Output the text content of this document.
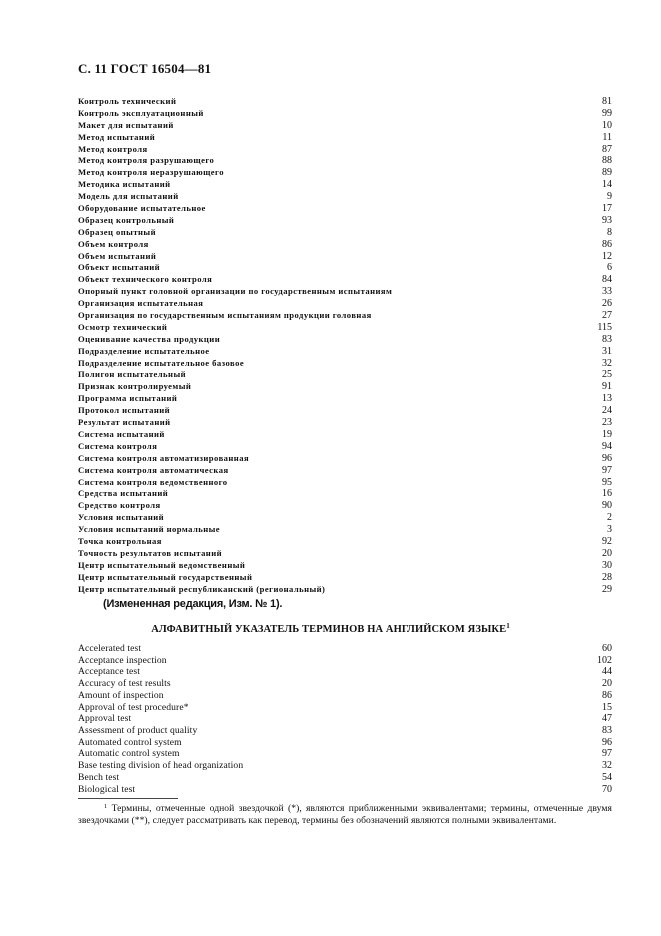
С. 11 ГОСТ 16504—81
Контроль технический	81
Контроль эксплуатационный	99
Макет для испытаний	10
Метод испытаний	11
Метод контроля	87
Метод контроля разрушающего	88
Метод контроля неразрушающего	89
Методика испытаний	14
Модель для испытаний	9
Оборудование испытательное	17
Образец контрольный	93
Образец опытный	8
Объем контроля	86
Объем испытаний	12
Объект испытаний	6
Объект технического контроля	84
Опорный пункт головной организации по государственным испытаниям	33
Организация испытательная	26
Организация по государственным испытаниям продукции головная	27
Осмотр технический	115
Оценивание качества продукции	83
Подразделение испытательное	31
Подразделение испытательное базовое	32
Полигон испытательный	25
Признак контролируемый	91
Программа испытаний	13
Протокол испытаний	24
Результат испытаний	23
Система испытаний	19
Система контроля	94
Система контроля автоматизированная	96
Система контроля автоматическая	97
Система контроля ведомственного	95
Средства испытаний	16
Средство контроля	90
Условия испытаний	2
Условия испытаний нормальные	3
Точка контрольная	92
Точность результатов испытаний	20
Центр испытательный ведомственный	30
Центр испытательный государственный	28
Центр испытательный республиканский (региональный)	29
(Измененная редакция, Изм. № 1).
АЛФАВИТНЫЙ УКАЗАТЕЛЬ ТЕРМИНОВ НА АНГЛИЙСКОМ ЯЗЫКЕ$^1$
Accelerated test	60
Acceptance inspection	102
Acceptance test	44
Accuracy of test results	20
Amount of inspection	86
Approval of test procedure*	15
Approval test	47
Assessment of product quality	83
Automated control system	96
Automatic control system	97
Base testing division of head organization	32
Bench test	54
Biological test	70
$^1$ Термины, отмеченные одной звездочкой (*), являются приближенными эквивалентами; термины, отмеченные двумя звездочками (**), следует рассматривать как перевод, термины без обозначений являются полными эквивалентами.
